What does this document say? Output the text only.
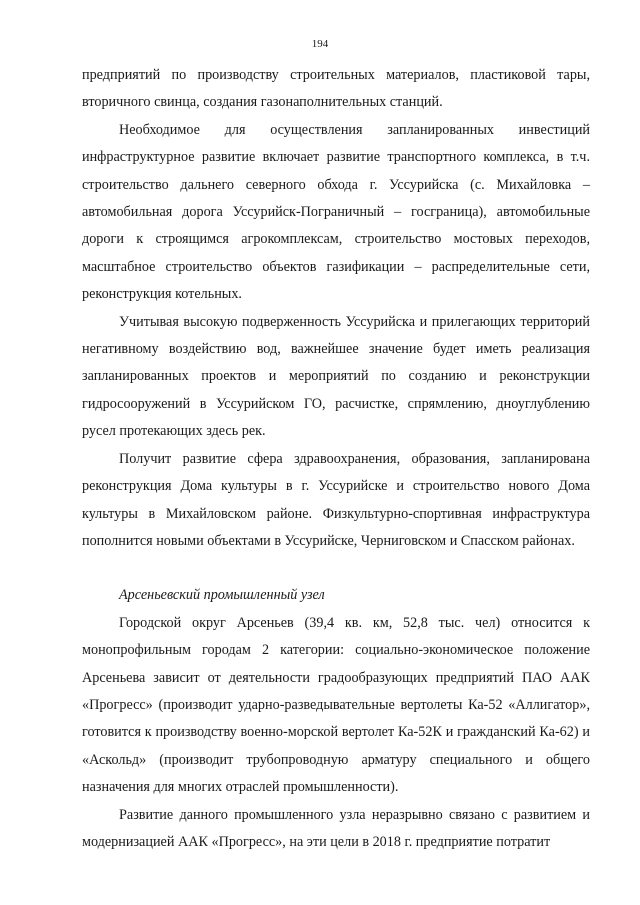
194

предприятий по производству строительных материалов, пластиковой тары, вторичного свинца, создания газонаполнительных станций.

Необходимое для осуществления запланированных инвестиций инфраструктурное развитие включает развитие транспортного комплекса, в т.ч. строительство дальнего северного обхода г. Уссурийска (с. Михайловка – автомобильная дорога Уссурийск-Пограничный – госграница), автомобильные дороги к строящимся агрокомплексам, строительство мостовых переходов, масштабное строительство объектов газификации – распределительные сети, реконструкция котельных.

Учитывая высокую подверженность Уссурийска и прилегающих территорий негативному воздействию вод, важнейшее значение будет иметь реализация запланированных проектов и мероприятий по созданию и реконструкции гидросооружений в Уссурийском ГО, расчистке, спрямлению, дноуглублению русел протекающих здесь рек.

Получит развитие сфера здравоохранения, образования, запланирована реконструкция Дома культуры в г. Уссурийске и строительство нового Дома культуры в Михайловском районе. Физкультурно-спортивная инфраструктура пополнится новыми объектами в Уссурийске, Черниговском и Спасском районах.

Арсеньевский промышленный узел

Городской округ Арсеньев (39,4 кв. км, 52,8 тыс. чел) относится к монопрофильным городам 2 категории: социально-экономическое положение Арсеньева зависит от деятельности градообразующих предприятий ПАО ААК «Прогресс» (производит ударно-разведывательные вертолеты Ка-52 «Аллигатор», готовится к производству военно-морской вертолет Ка-52К и гражданский Ка-62) и «Аскольд» (производит трубопроводную арматуру специального и общего назначения для многих отраслей промышленности).

Развитие данного промышленного узла неразрывно связано с развитием и модернизацией ААК «Прогресс», на эти цели в 2018 г. предприятие потратит
